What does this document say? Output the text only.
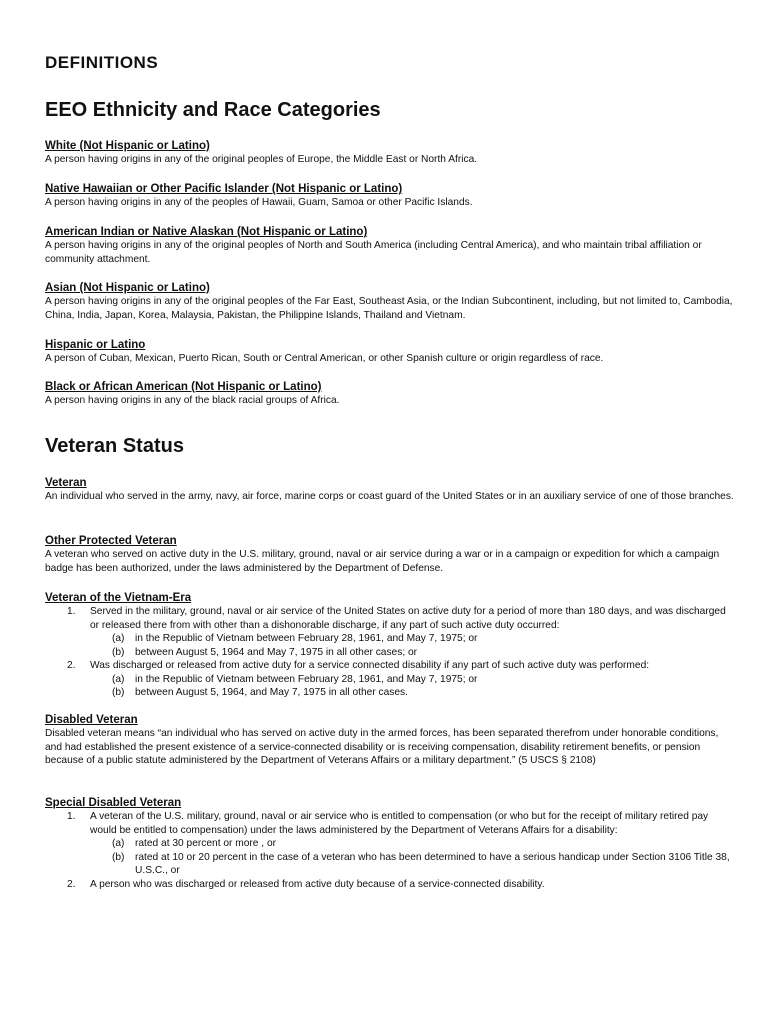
DEFINITIONS
EEO Ethnicity and Race Categories

White (Not Hispanic or Latino)

A person having origins in any of the original peoples of Europe, the Middle East or North Africa.

Native Hawaiian or Other Pacific Islander (Not Hispanic or Latino)

A person having origins in any of the peoples of Hawaii, Guam, Samoa or other Pacific Islands.

American Indian or Native Alaskan (Not Hispanic or Latino)

A person having origins in any of the original peoples of North and South America (including Central America), and who maintain tribal affiliation or community attachment.

Asian (Not Hispanic or Latino)

A person having origins in any of the original peoples of the Far East, Southeast Asia, or the Indian Subcontinent, including, but not limited to, Cambodia, China, India, Japan, Korea, Malaysia, Pakistan, the Philippine Islands, Thailand and Vietnam.

Hispanic or Latino

A person of Cuban, Mexican, Puerto Rican, South or Central American, or other Spanish culture or origin regardless of race.

Black or African American (Not Hispanic or Latino)

A person having origins in any of the black racial groups of Africa.

Veteran Status

Veteran

An individual who served in the army, navy, air force, marine corps or coast guard of the United States or in an auxiliary service of one of those branches.

Other Protected Veteran

A veteran who served on active duty in the U.S. military, ground, naval or air service during a war or in a campaign or expedition for which a campaign badge has been authorized, under the laws administered by the Department of Defense.

Veteran of the Vietnam-Era

1. Served in the military, ground, naval or air service of the United States on active duty for a period of more than 180 days, and was discharged or released there from with other than a dishonorable discharge, if any part of such active duty occurred:
(a) in the Republic of Vietnam between February 28, 1961, and May 7, 1975; or
(b) between August 5, 1964 and May 7, 1975 in all other cases; or
2. Was discharged or released from active duty for a service connected disability if any part of such active duty was performed:
(a) in the Republic of Vietnam between February 28, 1961, and May 7, 1975; or
(b) between August 5, 1964, and May 7, 1975 in all other cases.

Disabled Veteran

Disabled veteran means “an individual who has served on active duty in the armed forces, has been separated therefrom under honorable conditions, and had established the present existence of a service-connected disability or is receiving compensation, disability retirement benefits, or pension because of a public statute administered by the Department of Veterans Affairs or a military department.” (5 USCS § 2108)

Special Disabled Veteran

1. A veteran of the U.S. military, ground, naval or air service who is entitled to compensation (or who but for the receipt of military retired pay would be entitled to compensation) under the laws administered by the Department of Veterans Affairs for a disability:
(a) rated at 30 percent or more , or
(b) rated at 10 or 20 percent in the case of a veteran who has been determined to have a serious handicap under Section 3106 Title 38, U.S.C., or
2. A person who was discharged or released from active duty because of a service-connected disability.
